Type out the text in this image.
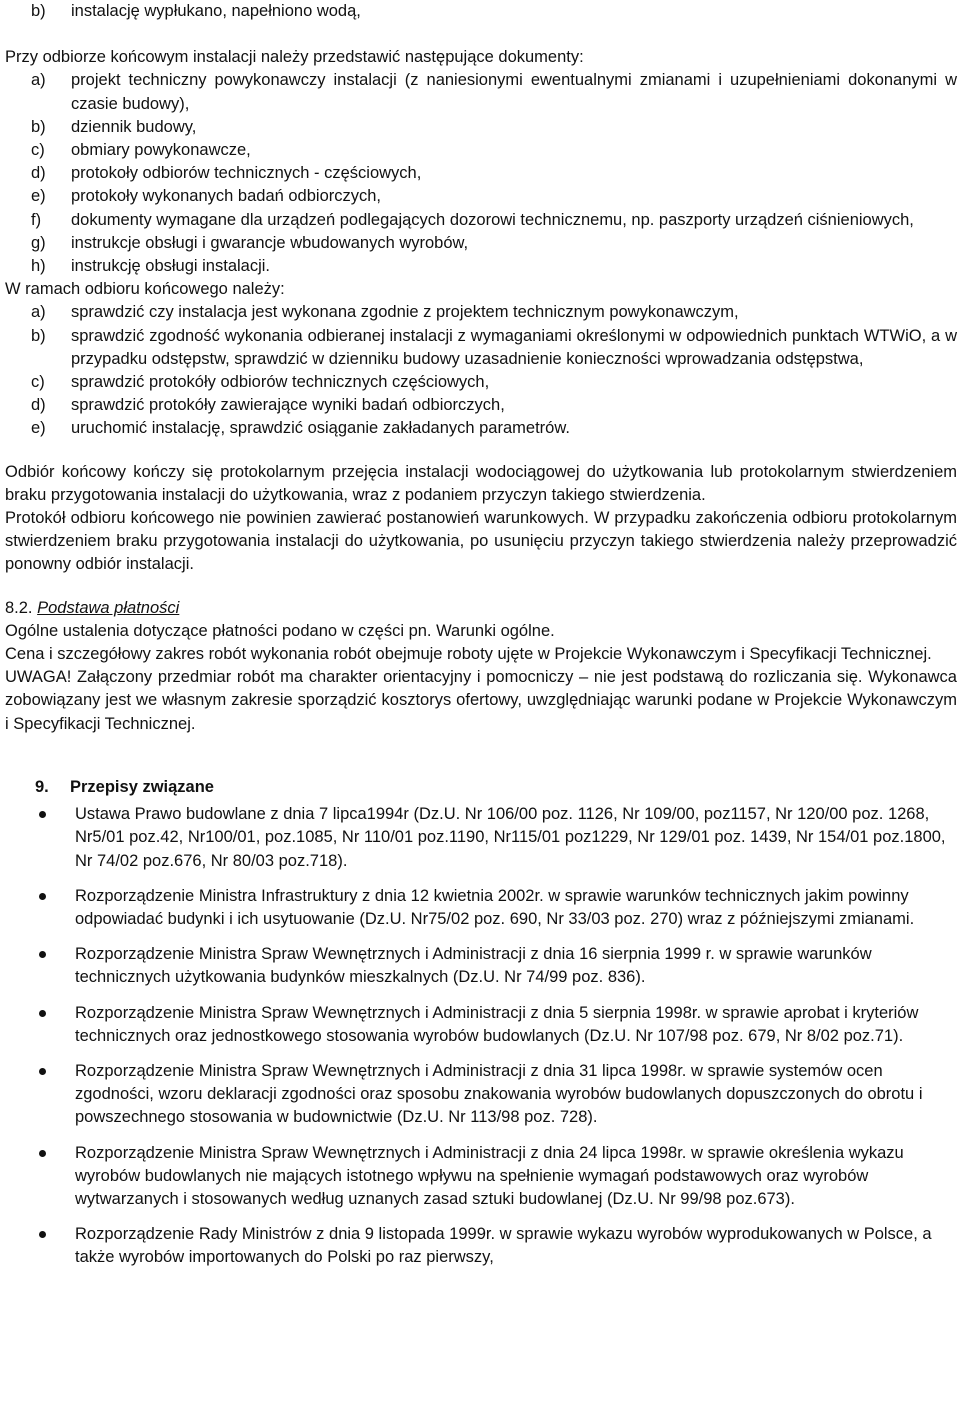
b)	instalację wypłukano, napełniono wodą,

Przy odbiorze końcowym instalacji należy przedstawić następujące dokumenty:

a)	projekt techniczny powykonawczy instalacji (z naniesionymi ewentualnymi zmianami i uzupełnieniami dokonanymi w czasie budowy),
b)	dziennik budowy,
c)	obmiary powykonawcze,
d)	protokoły odbiorów technicznych - częściowych,
e)	protokoły wykonanych badań odbiorczych,
f)	dokumenty wymagane dla urządzeń podlegających dozorowi technicznemu, np. paszporty urządzeń ciśnieniowych,
g)	instrukcje obsługi i gwarancje wbudowanych wyrobów,
h)	instrukcję obsługi instalacji.

W ramach odbioru końcowego należy:

a)	sprawdzić czy instalacja jest wykonana zgodnie z projektem technicznym powykonawczym,
b)	sprawdzić zgodność wykonania odbieranej instalacji z wymaganiami określonymi w odpowiednich punktach WTWiO, a w przypadku odstępstw, sprawdzić w dzienniku budowy uzasadnienie konieczności wprowadzania odstępstwa,
c)	sprawdzić protokóły odbiorów technicznych częściowych,
d)	sprawdzić protokóły zawierające wyniki badań odbiorczych,
e)	uruchomić instalację, sprawdzić osiąganie zakładanych parametrów.

Odbiór końcowy kończy się protokolarnym przejęcia instalacji wodociągowej do użytkowania lub protokolarnym stwierdzeniem braku przygotowania instalacji do użytkowania, wraz z podaniem przyczyn takiego stwierdzenia.

Protokół odbioru końcowego nie powinien zawierać postanowień warunkowych. W przypadku zakończenia odbioru protokolarnym stwierdzeniem braku przygotowania instalacji do użytkowania, po usunięciu przyczyn takiego stwierdzenia należy przeprowadzić ponowny odbiór instalacji.

8.2. Podstawa płatności

Ogólne ustalenia dotyczące płatności podano w części pn. Warunki ogólne.

Cena i szczegółowy zakres robót wykonania robót obejmuje roboty ujęte w Projekcie Wykonawczym i Specyfikacji Technicznej.

UWAGA! Załączony przedmiar robót ma charakter orientacyjny i pomocniczy – nie jest podstawą do rozliczania się. Wykonawca zobowiązany jest we własnym zakresie sporządzić kosztorys ofertowy, uwzględniając warunki podane w Projekcie Wykonawczym i Specyfikacji Technicznej.

9.	Przepisy związane

Ustawa Prawo budowlane z dnia 7 lipca1994r (Dz.U. Nr 106/00 poz. 1126, Nr 109/00, poz1157, Nr 120/00 poz. 1268, Nr5/01 poz.42, Nr100/01, poz.1085, Nr 110/01 poz.1190, Nr115/01 poz1229, Nr 129/01 poz. 1439, Nr 154/01 poz.1800, Nr 74/02 poz.676, Nr 80/03 poz.718).
Rozporządzenie Ministra Infrastruktury z dnia 12 kwietnia 2002r. w sprawie warunków technicznych jakim powinny odpowiadać budynki i ich usytuowanie (Dz.U. Nr75/02 poz. 690, Nr 33/03 poz. 270) wraz z późniejszymi zmianami.
Rozporządzenie Ministra Spraw Wewnętrznych i Administracji z dnia 16 sierpnia 1999 r. w sprawie warunków technicznych użytkowania budynków mieszkalnych (Dz.U. Nr 74/99 poz. 836).
Rozporządzenie Ministra Spraw Wewnętrznych i Administracji z dnia 5 sierpnia 1998r. w sprawie aprobat i kryteriów technicznych oraz jednostkowego stosowania wyrobów budowlanych (Dz.U. Nr 107/98 poz. 679, Nr 8/02 poz.71).
Rozporządzenie Ministra Spraw Wewnętrznych i Administracji z dnia 31 lipca 1998r. w sprawie systemów ocen zgodności, wzoru deklaracji zgodności oraz sposobu znakowania wyrobów budowlanych dopuszczonych do obrotu i powszechnego stosowania w budownictwie (Dz.U. Nr 113/98 poz. 728).
Rozporządzenie Ministra Spraw Wewnętrznych i Administracji z dnia 24 lipca 1998r. w sprawie określenia wykazu wyrobów budowlanych nie mających istotnego wpływu na spełnienie wymagań podstawowych oraz wyrobów wytwarzanych i stosowanych według uznanych zasad sztuki budowlanej (Dz.U. Nr 99/98 poz.673).
Rozporządzenie Rady Ministrów z dnia 9 listopada 1999r. w sprawie wykazu wyrobów wyprodukowanych w Polsce, a także wyrobów importowanych do Polski po raz pierwszy,
